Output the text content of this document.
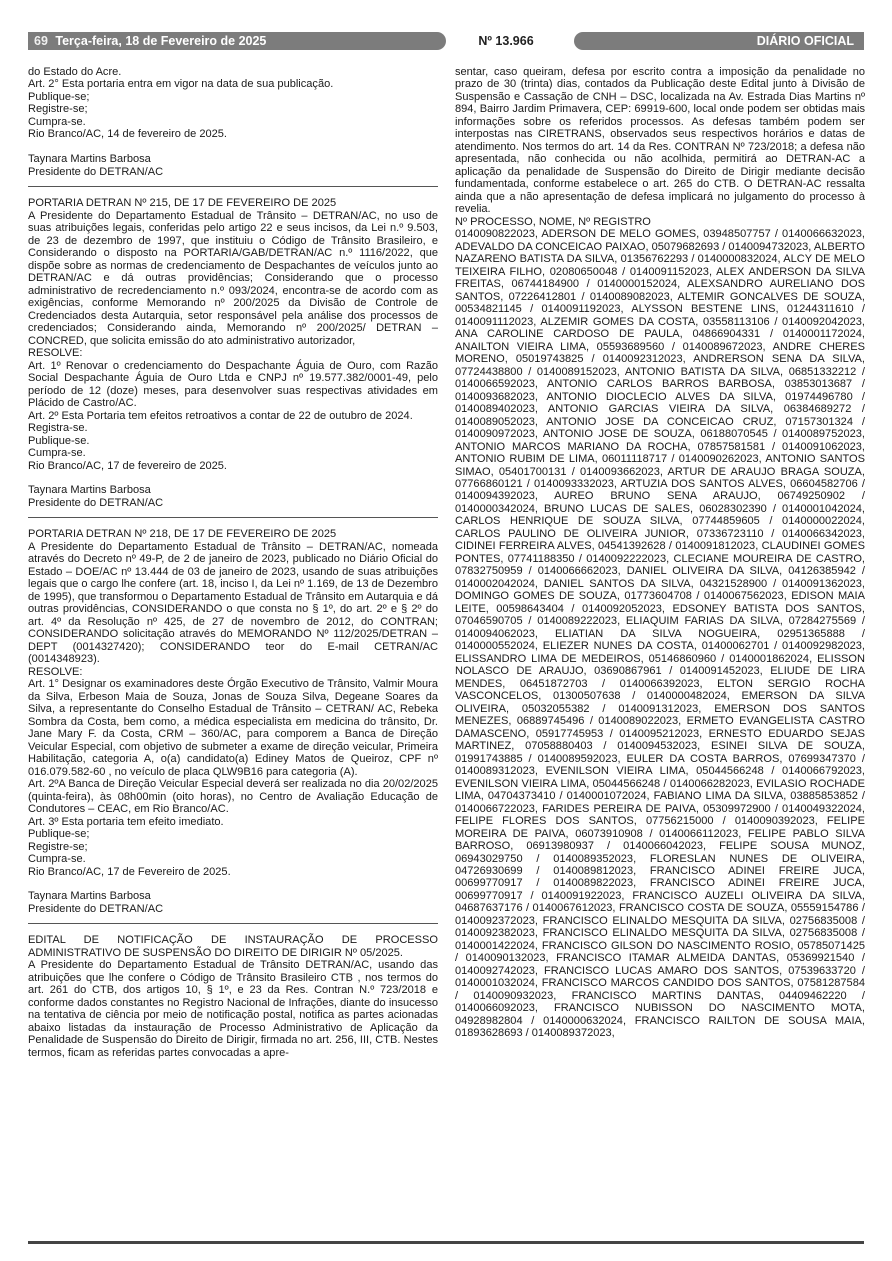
69 Terça-feira, 18 de Fevereiro de 2025	DIÁRIO OFICIAL
Nº 13.966

do Estado do Acre.

Art. 2° Esta portaria entra em vigor na data de sua publicação.

Publique-se;

Registre-se;

Cumpra-se.

Rio Branco/AC, 14 de fevereiro de 2025.

Taynara Martins Barbosa

Presidente do DETRAN/AC

PORTARIA DETRAN Nº 215, DE 17 DE FEVEREIRO DE 2025

A Presidente do Departamento Estadual de Trânsito – DETRAN/AC, no uso de suas atribuições legais, conferidas pelo artigo 22 e seus incisos, da Lei n.º 9.503, de 23 de dezembro de 1997, que instituiu o Código de Trânsito Brasileiro, e Considerando o disposto na PORTARIA/GAB/DETRAN/AC n.º 1116/2022, que dispõe sobre as normas de credenciamento de Despachantes de veículos junto ao DETRAN/AC e dá outras providências; Considerando que o processo administrativo de recredenciamento n.º 093/2024, encontra-se de acordo com as exigências, conforme Memorando nº 200/2025 da Divisão de Controle de Credenciados desta Autarquia, setor responsável pela análise dos processos de credenciados; Considerando ainda, Memorando nº 200/2025/ DETRAN – CONCRED, que solicita emissão do ato administrativo autorizador,

RESOLVE:

Art. 1º Renovar o credenciamento do Despachante Águia de Ouro, com Razão Social Despachante Águia de Ouro Ltda e CNPJ nº 19.577.382/0001-49, pelo período de 12 (doze) meses, para desenvolver suas respectivas atividades em Plácido de Castro/AC.

Art. 2º Esta Portaria tem efeitos retroativos a contar de 22 de outubro de 2024.

Registra-se.

Publique-se.

Cumpra-se.

Rio Branco/AC, 17 de fevereiro de 2025.

Taynara Martins Barbosa

Presidente do DETRAN/AC

PORTARIA DETRAN Nº 218, DE 17 DE FEVEREIRO DE 2025

A Presidente do Departamento Estadual de Trânsito – DETRAN/AC, nomeada através do Decreto nº 49-P, de 2 de janeiro de 2023, publicado no Diário Oficial do Estado – DOE/AC nº 13.444 de 03 de janeiro de 2023, usando de suas atribuições legais que o cargo lhe confere (art. 18, inciso I, da Lei nº 1.169, de 13 de Dezembro de 1995), que transformou o Departamento Estadual de Trânsito em Autarquia e dá outras providências, CONSIDERANDO o que consta no § 1º, do art. 2º e § 2º do art. 4º da Resolução nº 425, de 27 de novembro de 2012, do CONTRAN; CONSIDERANDO solicitação através do MEMORANDO Nº 112/2025/DETRAN – DEPT (0014327420); CONSIDERANDO teor do E-mail CETRAN/AC (0014348923).

RESOLVE:

Art. 1° Designar os examinadores deste Órgão Executivo de Trânsito, Valmir Moura da Silva, Erbeson Maia de Souza, Jonas de Souza Silva, Degeane Soares da Silva, a representante do Conselho Estadual de Trânsito – CETRAN/ AC, Rebeka Sombra da Costa, bem como, a médica especialista em medicina do trânsito, Dr. Jane Mary F. da Costa, CRM – 360/AC, para comporem a Banca de Direção Veicular Especial, com objetivo de submeter a exame de direção veicular, Primeira Habilitação, categoria A, o(a) candidato(a) Ediney Matos de Queiroz, CPF nº 016.079.582-60 , no veículo de placa QLW9B16 para categoria (A).

Art. 2ºA Banca de Direção Veicular Especial deverá ser realizada no dia 20/02/2025 (quinta-feira), às 08h00min (oito horas), no Centro de Avaliação Educação de Condutores – CEAC, em Rio Branco/AC.

Art. 3º Esta portaria tem efeito imediato.

Publique-se;

Registre-se;

Cumpra-se.

Rio Branco/AC, 17 de Fevereiro de 2025.

Taynara Martins Barbosa

Presidente do DETRAN/AC

EDITAL DE NOTIFICAÇÃO DE INSTAURAÇÃO DE PROCESSO ADMINISTRATIVO DE SUSPENSÃO DO DIREITO DE DIRIGIR Nº 05/2025.

A Presidente do Departamento Estadual de Trânsito DETRAN/AC, usando das atribuições que lhe confere o Código de Trânsito Brasileiro CTB , nos termos do art. 261 do CTB, dos artigos 10, § 1º, e 23 da Res. Contran N.º 723/2018 e conforme dados constantes no Registro Nacional de Infrações, diante do insucesso na tentativa de ciência por meio de notificação postal, notifica as partes acionadas abaixo listadas da instauração de Processo Administrativo de Aplicação da Penalidade de Suspensão do Direito de Dirigir, firmada no art. 256, III, CTB. Nestes termos, ficam as referidas partes convocadas a apre-

sentar, caso queiram, defesa por escrito contra a imposição da penalidade no prazo de 30 (trinta) dias, contados da Publicação deste Edital junto à Divisão de Suspensão e Cassação de CNH – DSC, localizada na Av. Estrada Dias Martins nº 894, Bairro Jardim Primavera, CEP: 69919-600, local onde podem ser obtidas mais informações sobre os referidos processos. As defesas também podem ser interpostas nas CIRETRANS, observados seus respectivos horários e datas de atendimento. Nos termos do art. 14 da Res. CONTRAN Nº 723/2018; a defesa não apresentada, não conhecida ou não acolhida, permitirá ao DETRAN-AC a aplicação da penalidade de Suspensão do Direito de Dirigir mediante decisão fundamentada, conforme estabelece o art. 265 do CTB. O DETRAN-AC ressalta ainda que a não apresentação de defesa implicará no julgamento do processo à revelia.

Nº PROCESSO, NOME, Nº REGISTRO

0140090822023, ADERSON DE MELO GOMES, 03948507757 / 0140066632023, ADEVALDO DA CONCEICAO PAIXAO, 05079682693 / 0140094732023, ALBERTO NAZARENO BATISTA DA SILVA, 01356762293 / 0140000832024, ALCY DE MELO TEIXEIRA FILHO, 02080650048 / 0140091152023, ALEX ANDERSON DA SILVA FREITAS, 06744184900 / 0140000152024, ALEXSANDRO AURELIANO DOS SANTOS, 07226412801 / 0140089082023, ALTEMIR GONCALVES DE SOUZA, 00534821145 / 0140091192023, ALYSSON BESTENE LINS, 01244311610 / 0140091112023, ALZEMIR GOMES DA COSTA, 03558113106 / 0140092042023, ANA CAROLINE CARDOSO DE PAULA, 04866904331 / 0140001172024, ANAILTON VIEIRA LIMA, 05593689560 / 0140089672023, ANDRE CHERES MORENO, 05019743825 / 0140092312023, ANDRERSON SENA DA SILVA, 07724438800 / 0140089152023, ANTONIO BATISTA DA SILVA, 06851332212 / 0140066592023, ANTONIO CARLOS BARROS BARBOSA, 03853013687 / 0140093682023, ANTONIO DIOCLECIO ALVES DA SILVA, 01974496780 / 0140089402023, ANTONIO GARCIAS VIEIRA DA SILVA, 06384689272 / 0140089052023, ANTONIO JOSE DA CONCEICAO CRUZ, 07157301324 / 0140090972023, ANTONIO JOSE DE SOUZA, 06188070545 / 0140089752023, ANTONIO MARCOS MARIANO DA ROCHA, 07857581581 / 0140091062023, ANTONIO RUBIM DE LIMA, 06011118717 / 0140090262023, ANTONIO SANTOS SIMAO, 05401700131 / 0140093662023, ARTUR DE ARAUJO BRAGA SOUZA, 07766860121 / 0140093332023, ARTUZIA DOS SANTOS ALVES, 06604582706 / 0140094392023, AUREO BRUNO SENA ARAUJO, 06749250902 / 0140000342024, BRUNO LUCAS DE SALES, 06028302390 / 0140001042024, CARLOS HENRIQUE DE SOUZA SILVA, 07744859605 / 0140000022024, CARLOS PAULINO DE OLIVEIRA JUNIOR, 07336723110 / 0140066342023, CIDINEI FERREIRA ALVES, 04541392628 / 0140091812023, CLAUDINEI GOMES PONTES, 07741188350 / 0140092222023, CLECIANE MOUREIRA DE CASTRO, 07832750959 / 0140066662023, DANIEL OLIVEIRA DA SILVA, 04126385942 / 0140002042024, DANIEL SANTOS DA SILVA, 04321528900 / 0140091362023, DOMINGO GOMES DE SOUZA, 01773604708 / 0140067562023, EDISON MAIA LEITE, 00598643404 / 0140092052023, EDSONEY BATISTA DOS SANTOS, 07046590705 / 0140089222023, ELIAQUIM FARIAS DA SILVA, 07284275569 / 0140094062023, ELIATIAN DA SILVA NOGUEIRA, 02951365888 / 0140000552024, ELIEZER NUNES DA COSTA, 01400062701 / 0140092982023, ELISSANDRO LIMA DE MEDEIROS, 05146860960 / 0140001862024, ELISSON NOLASCO DE ARAUJO, 03690867961 / 0140091452023, ELIUDE DE LIRA MENDES, 06451872703 / 0140066392023, ELTON SERGIO ROCHA VASCONCELOS, 01300507638 / 0140000482024, EMERSON DA SILVA OLIVEIRA, 05032055382 / 0140091312023, EMERSON DOS SANTOS MENEZES, 06889745496 / 0140089022023, ERMETO EVANGELISTA CASTRO DAMASCENO, 05917745953 / 0140095212023, ERNESTO EDUARDO SEJAS MARTINEZ, 07058880403 / 0140094532023, ESINEI SILVA DE SOUZA, 01991743885 / 0140089592023, EULER DA COSTA BARROS, 07699347370 / 0140089312023, EVENILSON VIEIRA LIMA, 05044566248 / 0140066792023, EVENILSON VIEIRA LIMA, 05044566248 / 0140066282023, EVILASIO ROCHADE LIMA, 04704373410 / 0140001072024, FABIANO LIMA DA SILVA, 03885853852 / 0140066722023, FARIDES PEREIRA DE PAIVA, 05309972900 / 0140049322024, FELIPE FLORES DOS SANTOS, 07756215000 / 0140090392023, FELIPE MOREIRA DE PAIVA, 06073910908 / 0140066112023, FELIPE PABLO SILVA BARROSO, 06913980937 / 0140066042023, FELIPE SOUSA MUNOZ, 06943029750 / 0140089352023, FLORESLAN NUNES DE OLIVEIRA, 04726930699 / 0140089812023, FRANCISCO ADINEI FREIRE JUCA, 00699770917 / 0140089822023, FRANCISCO ADINEI FREIRE JUCA, 00699770917 / 0140091922023, FRANCISCO AUZELI OLIVEIRA DA SILVA, 04687637176 / 0140067612023, FRANCISCO COSTA DE SOUZA, 05559154786 / 0140092372023, FRANCISCO ELINALDO MESQUITA DA SILVA, 02756835008 / 0140092382023, FRANCISCO ELINALDO MESQUITA DA SILVA, 02756835008 / 0140001422024, FRANCISCO GILSON DO NASCIMENTO ROSIO, 05785071425 / 0140090132023, FRANCISCO ITAMAR ALMEIDA DANTAS, 05369921540 / 0140092742023, FRANCISCO LUCAS AMARO DOS SANTOS, 07539633720 / 0140001032024, FRANCISCO MARCOS CANDIDO DOS SANTOS, 07581287584 / 0140090932023, FRANCISCO MARTINS DANTAS, 04409462220 / 0140066092023, FRANCISCO NUBISSON DO NASCIMENTO MOTA, 04928982804 / 0140000632024, FRANCISCO RAILTON DE SOUSA MAIA, 01893628693 / 0140089372023,
